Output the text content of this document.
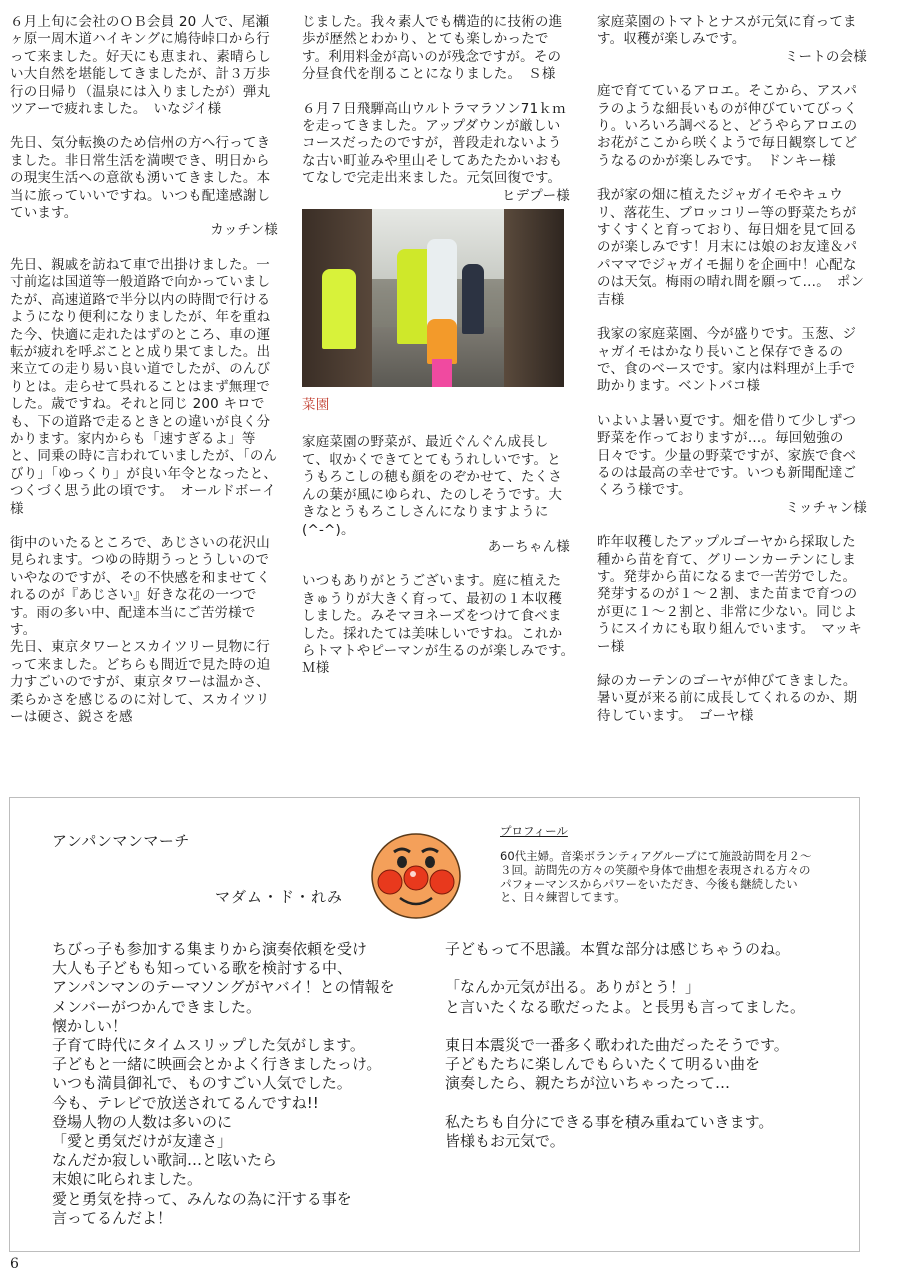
６月上旬に会社のＯＢ会員 20 人で、尾瀬ヶ原一周木道ハイキングに鳩待峠口から行って来ました。好天にも恵まれ、素晴らしい大自然を堪能してきましたが、計３万歩行の日帰り（温泉には入りましたが）弾丸ツアーで疲れました。　いなジイ様

先日、気分転換のため信州の方へ行ってきました。非日常生活を満喫でき、明日からの現実生活への意欲も湧いてきました。本当に旅っていいですね。いつも配達感謝しています。

カッチン様

先日、親戚を訪ねて車で出掛けました。一寸前迄は国道等一般道路で向かっていましたが、高速道路で半分以内の時間で行けるようになり便利になりましたが、年を重ねた今、快適に走れたはずのところ、車の運転が疲れを呼ぶことと成り果てました。出来立ての走り易い良い道でしたが、のんびりとは。走らせて呉れることはまず無理でした。歳ですね。それと同じ 200 キロでも、下の道路で走るときとの違いが良く分かります。家内からも「速すぎるよ」等と、同乗の時に言われていましたが、「のんびり」「ゆっくり」が良い年令となったと、つくづく思う此の頃です。　オールドボーイ様

街中のいたるところで、あじさいの花沢山見られます。つゆの時期うっとうしいのでいやなのですが、その不快感を和ませてくれるのが『あじさい』好きな花の一つです。雨の多い中、配達本当にご苦労様です。
先日、東京タワーとスカイツリー見物に行って来ました。どちらも間近で見た時の迫力すごいのですが、東京タワーは温かさ、柔らかさを感じるのに対して、スカイツリーは硬さ、鋭さを感

じました。我々素人でも構造的に技術の進歩が歴然とわかり、とても楽しかったです。利用料金が高いのが残念ですが。その分昼食代を削ることになりました。　Ｓ様

６月７日飛騨高山ウルトラマラソン71ｋｍを走ってきました。アップダウンが厳しいコースだったのですが，普段走れないような古い町並みや里山そしてあたたかいおもてなしで完走出来ました。元気回復です。

ヒデプー様

菜園

家庭菜園の野菜が、最近ぐんぐん成長して、収かくできてとてもうれしいです。とうもろこしの穂も顔をのぞかせて、たくさんの葉が風にゆられ、たのしそうです。大きなとうもろこしさんになりますように(^-^)。

あーちゃん様

いつもありがとうございます。庭に植えたきゅうりが大きく育って、最初の１本収穫しました。みそマヨネーズをつけて食べました。採れたては美味しいですね。これからトマトやピーマンが生るのが楽しみです。　Ｍ様

家庭菜園のトマトとナスが元気に育ってます。収穫が楽しみです。

ミートの会様

庭で育てているアロエ。そこから、アスパラのような細長いものが伸びていてびっくり。いろいろ調べると、どうやらアロエのお花がここから咲くようで毎日観察してどうなるのかが楽しみです。　ドンキー様

我が家の畑に植えたジャガイモやキュウリ、落花生、ブロッコリー等の野菜たちがすくすくと育っており、毎日畑を見て回るのが楽しみです！月末には娘のお友達＆パパママでジャガイモ掘りを企画中！心配なのは天気。梅雨の晴れ間を願って…。　ポン吉様

我家の家庭菜園、今が盛りです。玉葱、ジャガイモはかなり長いこと保存できるので、食のベースです。家内は料理が上手で助かります。ベントバコ様

いよいよ暑い夏です。畑を借りて少しずつ野菜を作っておりますが…。毎回勉強の日々です。少量の野菜ですが、家族で食べるのは最高の幸せです。いつも新聞配達ごくろう様です。

ミッチャン様

昨年収穫したアップルゴーヤから採取した種から苗を育て、グリーンカーテンにします。発芽から苗になるまで一苦労でした。発芽するのが１～２割、また苗まで育つのが更に１～２割と、非常に少ない。同じようにスイカにも取り組んでいます。　マッキー様

緑のカーテンのゴーヤが伸びてきました。暑い夏が来る前に成長してくれるのか、期待しています。　ゴーヤ様

アンパンマンマーチ
マダム・ド・れみ
プロフィール
60代主婦。音楽ボランティアグループにて施設訪問を月２～３回。訪問先の方々の笑顔や身体で曲想を表現される方々のパフォーマンスからパワーをいただき、今後も継続したいと、日々練習してます。
ちびっ子も参加する集まりから演奏依頼を受け
大人も子どもも知っている歌を検討する中、
アンパンマンのテーマソングがヤバイ！との情報を
メンバーがつかんできました。
懐かしい！
子育て時代にタイムスリップした気がします。
子どもと一緒に映画会とかよく行きましたっけ。
いつも満員御礼で、ものすごい人気でした。
今も、テレビで放送されてるんですね!!
登場人物の人数は多いのに
「愛と勇気だけが友達さ」
なんだか寂しい歌詞…と呟いたら
末娘に叱られました。
愛と勇気を持って、みんなの為に汗する事を
言ってるんだよ！
子どもって不思議。本質な部分は感じちゃうのね。
「なんか元気が出る。ありがとう！」
と言いたくなる歌だったよ。と長男も言ってました。
東日本震災で一番多く歌われた曲だったそうです。
子どもたちに楽しんでもらいたくて明るい曲を
演奏したら、親たちが泣いちゃったって…
私たちも自分にできる事を積み重ねていきます。
皆様もお元気で。
6
